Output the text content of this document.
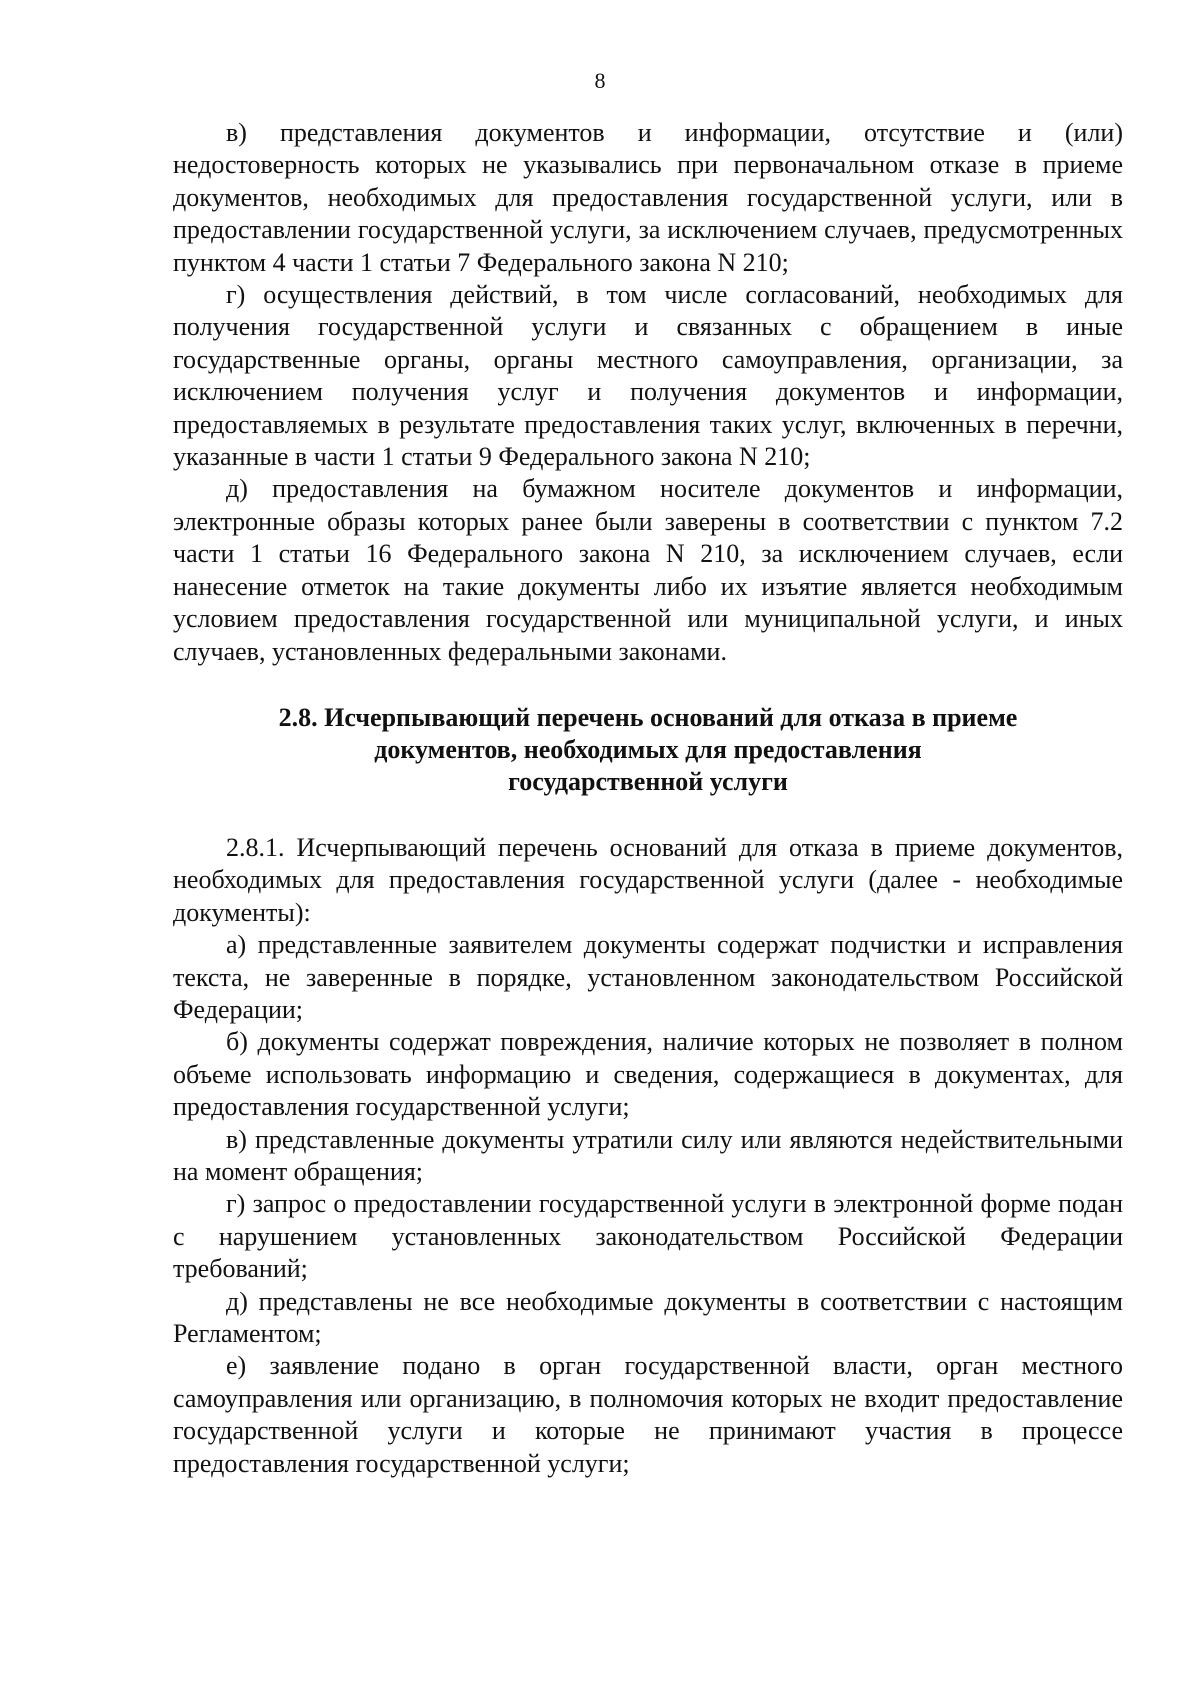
8

в) представления документов и информации, отсутствие и (или) недостоверность которых не указывались при первоначальном отказе в приеме документов, необходимых для предоставления государственной услуги, или в предоставлении государственной услуги, за исключением случаев, предусмотренных пунктом 4 части 1 статьи 7 Федерального закона N 210;

г) осуществления действий, в том числе согласований, необходимых для получения государственной услуги и связанных с обращением в иные государственные органы, органы местного самоуправления, организации, за исключением получения услуг и получения документов и информации, предоставляемых в результате предоставления таких услуг, включенных в перечни, указанные в части 1 статьи 9 Федерального закона N 210;

д) предоставления на бумажном носителе документов и информации, электронные образы которых ранее были заверены в соответствии с пунктом 7.2 части 1 статьи 16 Федерального закона N 210, за исключением случаев, если нанесение отметок на такие документы либо их изъятие является необходимым условием предоставления государственной или муниципальной услуги, и иных случаев, установленных федеральными законами.

2.8. Исчерпывающий перечень оснований для отказа в приеме
документов, необходимых для предоставления
государственной услуги

2.8.1. Исчерпывающий перечень оснований для отказа в приеме документов, необходимых для предоставления государственной услуги (далее - необходимые документы):

а) представленные заявителем документы содержат подчистки и исправления текста, не заверенные в порядке, установленном законодательством Российской Федерации;

б) документы содержат повреждения, наличие которых не позволяет в полном объеме использовать информацию и сведения, содержащиеся в документах, для предоставления государственной услуги;

в) представленные документы утратили силу или являются недействительными на момент обращения;

г) запрос о предоставлении государственной услуги в электронной форме подан с нарушением установленных законодательством Российской Федерации требований;

д) представлены не все необходимые документы в соответствии с настоящим Регламентом;

е) заявление подано в орган государственной власти, орган местного самоуправления или организацию, в полномочия которых не входит предоставление государственной услуги и которые не принимают участия в процессе предоставления государственной услуги;
